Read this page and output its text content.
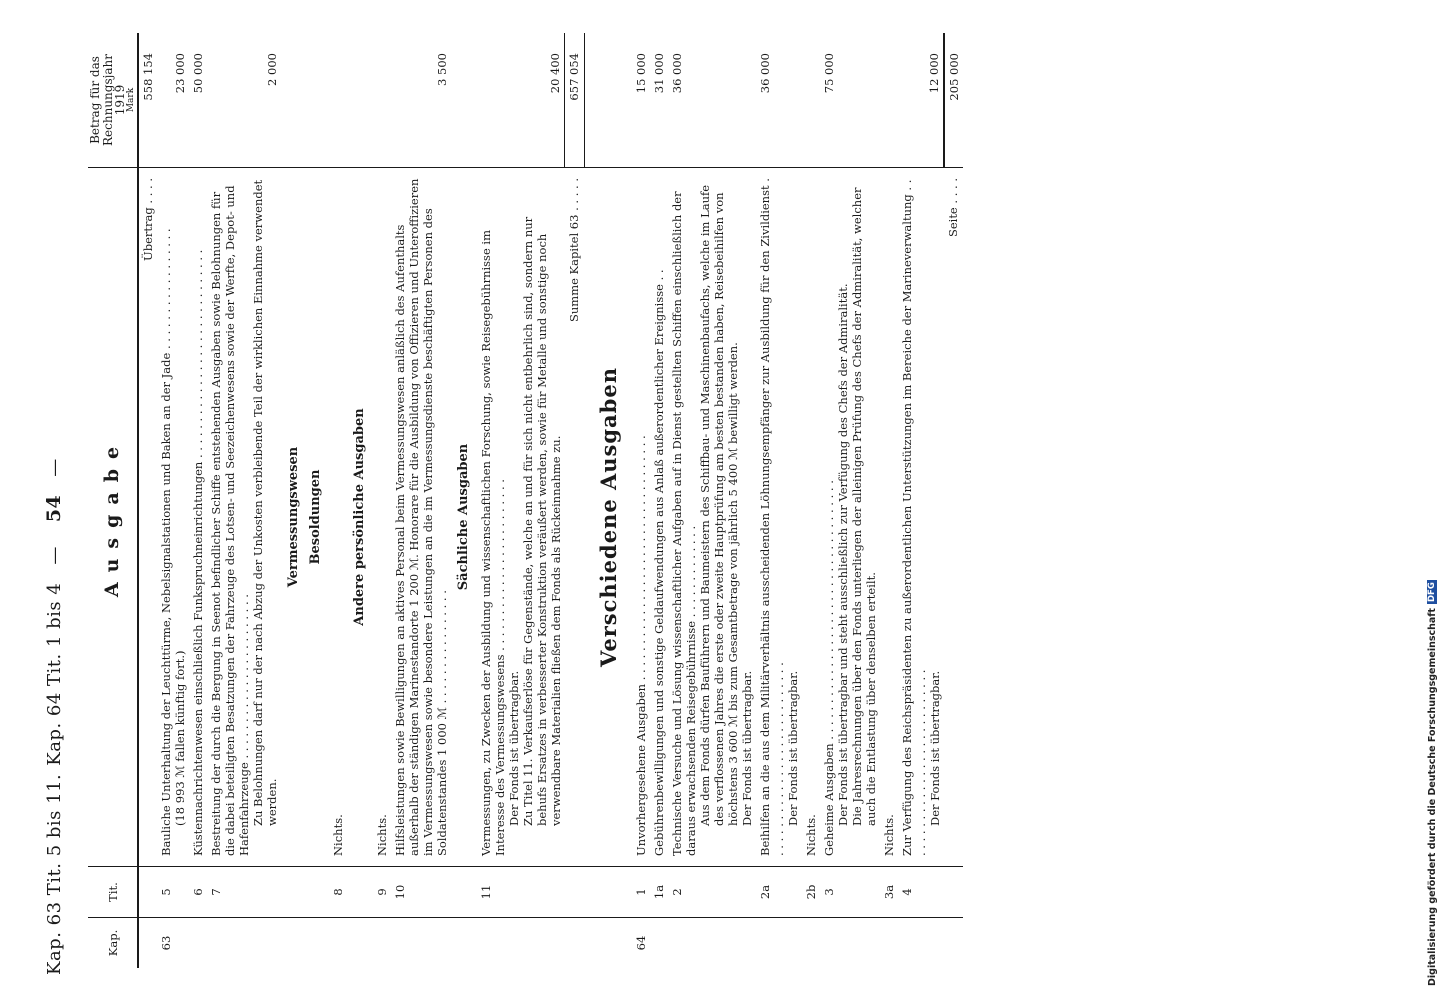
Kap. 63 Tit. 5 bis 11.
Kap. 64 Tit. 1 bis 4
—
54
—
Kap.	Tit.	Ausgabe	Betrag für das
Rechnungsjahr
1919
Mark

		Übertrag . . . .	558 154
63	5	Bauliche Unterhaltung der Leuchttürme, Nebelsignalstationen und Baken an der Jade . . . . . . . . . . . . . . . . . (18 993 ℳ fallen künftig fort.)	23 000
	6	Küstennachrichtenwesen einschließlich Funkspruchneinrichtungen . . . . . . . . . . . . . . . . . . . . . . . . . . . . .	50 000
	7	Bestreitung der durch die Bergung in Seenot befindlicher Schiffe entstehenden Ausgaben sowie Belohnungen für die dabei beteiligten Besatzungen der Fahrzeuge des Lotsen- und Seezeichenwesens sowie der Werfte, Depot- und Hafenfahrzeuge . . . . . . . . . . . . . . . . . . . . . . . Zu Belohnungen darf nur der nach Abzug der Unkosten verbleibende Teil der wirklichen Einnahme verwendet werden.	2 000

		Vermessungswesen Besoldungen	

	8	Nichts.	

		Andere persönliche Ausgaben	

	9	Nichts.	
	10	Hilfsleistungen sowie Bewilligungen an aktives Personal beim Vermessungswesen anläßlich des Aufenthalts außerhalb der ständigen Marinestandorte 1 200 ℳ. Honorare für die Ausbildung von Offizieren und Unteroffizieren im Vermessungswesen sowie besondere Leistungen an die im Vermessungsdienste beschäftigten Personen des Soldatenstandes 1 000 ℳ . . . . . . . . . . . . . . . .	3 500

		Sächliche Ausgaben	

	11	Vermessungen, zu Zwecken der Ausbildung und wissenschaftlichen Forschung, sowie Reisegebührnisse im Interesse des Vermessungswesens . . . . . . . . . . . . . . . . . . . . . . . . Der Fonds ist übertragbar. Zu Titel 11. Verkaufserlöse für Gegenstände, welche an und für sich nicht entbehrlich sind, sondern nur behufs Ersatzes in verbesserter Konstruktion veräußert werden, sowie für Metalle und sonstige noch verwendbare Materialien fließen dem Fonds als Rückeinnahme zu.	20 400
		Summe Kapitel 63 . . . . .	657 054

		Verschiedene Ausgaben	

64	1	Unvorhergesehene Ausgaben . . . . . . . . . . . . . . . . . . . . . . . . . . . . . . . . . .	15 000
	1a	Gebührenbewilligungen und sonstige Geldaufwendungen aus Anlaß außerordentlicher Ereignisse . .	31 000
	2	Technische Versuche und Lösung wissenschaftlicher Aufgaben auf in Dienst gestellten Schiffen einschließlich der daraus erwachsenden Reisegebührnisse . . . . . . . . . . . . . Aus dem Fonds dürfen Bauführern und Baumeistern des Schiffbau- und Maschinenbaufachs, welche im Laufe des verflossenen Jahres die erste oder zweite Hauptprüfung am besten bestanden haben, Reisebeihilfen von höchstens 3 600 ℳ bis zum Gesamtbetrage von jährlich 5 400 ℳ bewilligt werden. Der Fonds ist übertragbar.	36 000
	2a	Beihilfen an die aus dem Militärverhältnis ausscheidenden Löhnungsempfänger zur Ausbildung für den Zivildienst . . . . . . . . . . . . . . . . . . . . . . . . . . . . Der Fonds ist übertragbar.	36 000
	2b	Nichts.	
	3	Geheime Ausgaben . . . . . . . . . . . . . . . . . . . . . . . . . . . . . . . . . . . . Der Fonds ist übertragbar und steht ausschließlich zur Verfügung des Chefs der Admiralität. Die Jahresrechnungen über den Fonds unterliegen der alleinigen Prüfung des Chefs der Admiralität, welcher auch die Entlastung über denselben erteilt.	75 000
	3a	Nichts.	
	4	Zur Verfügung des Reichspräsidenten zu außerordentlichen Unterstützungen im Bereiche der Marineverwaltung . . . . . . . . . . . . . . . . . . . . . . . . . . . . Der Fonds ist übertragbar.	12 000
		Seite . . . .	205 000
Digitalisierung gefördert durch die Deutsche Forschungsgemeinschaft
DFG
